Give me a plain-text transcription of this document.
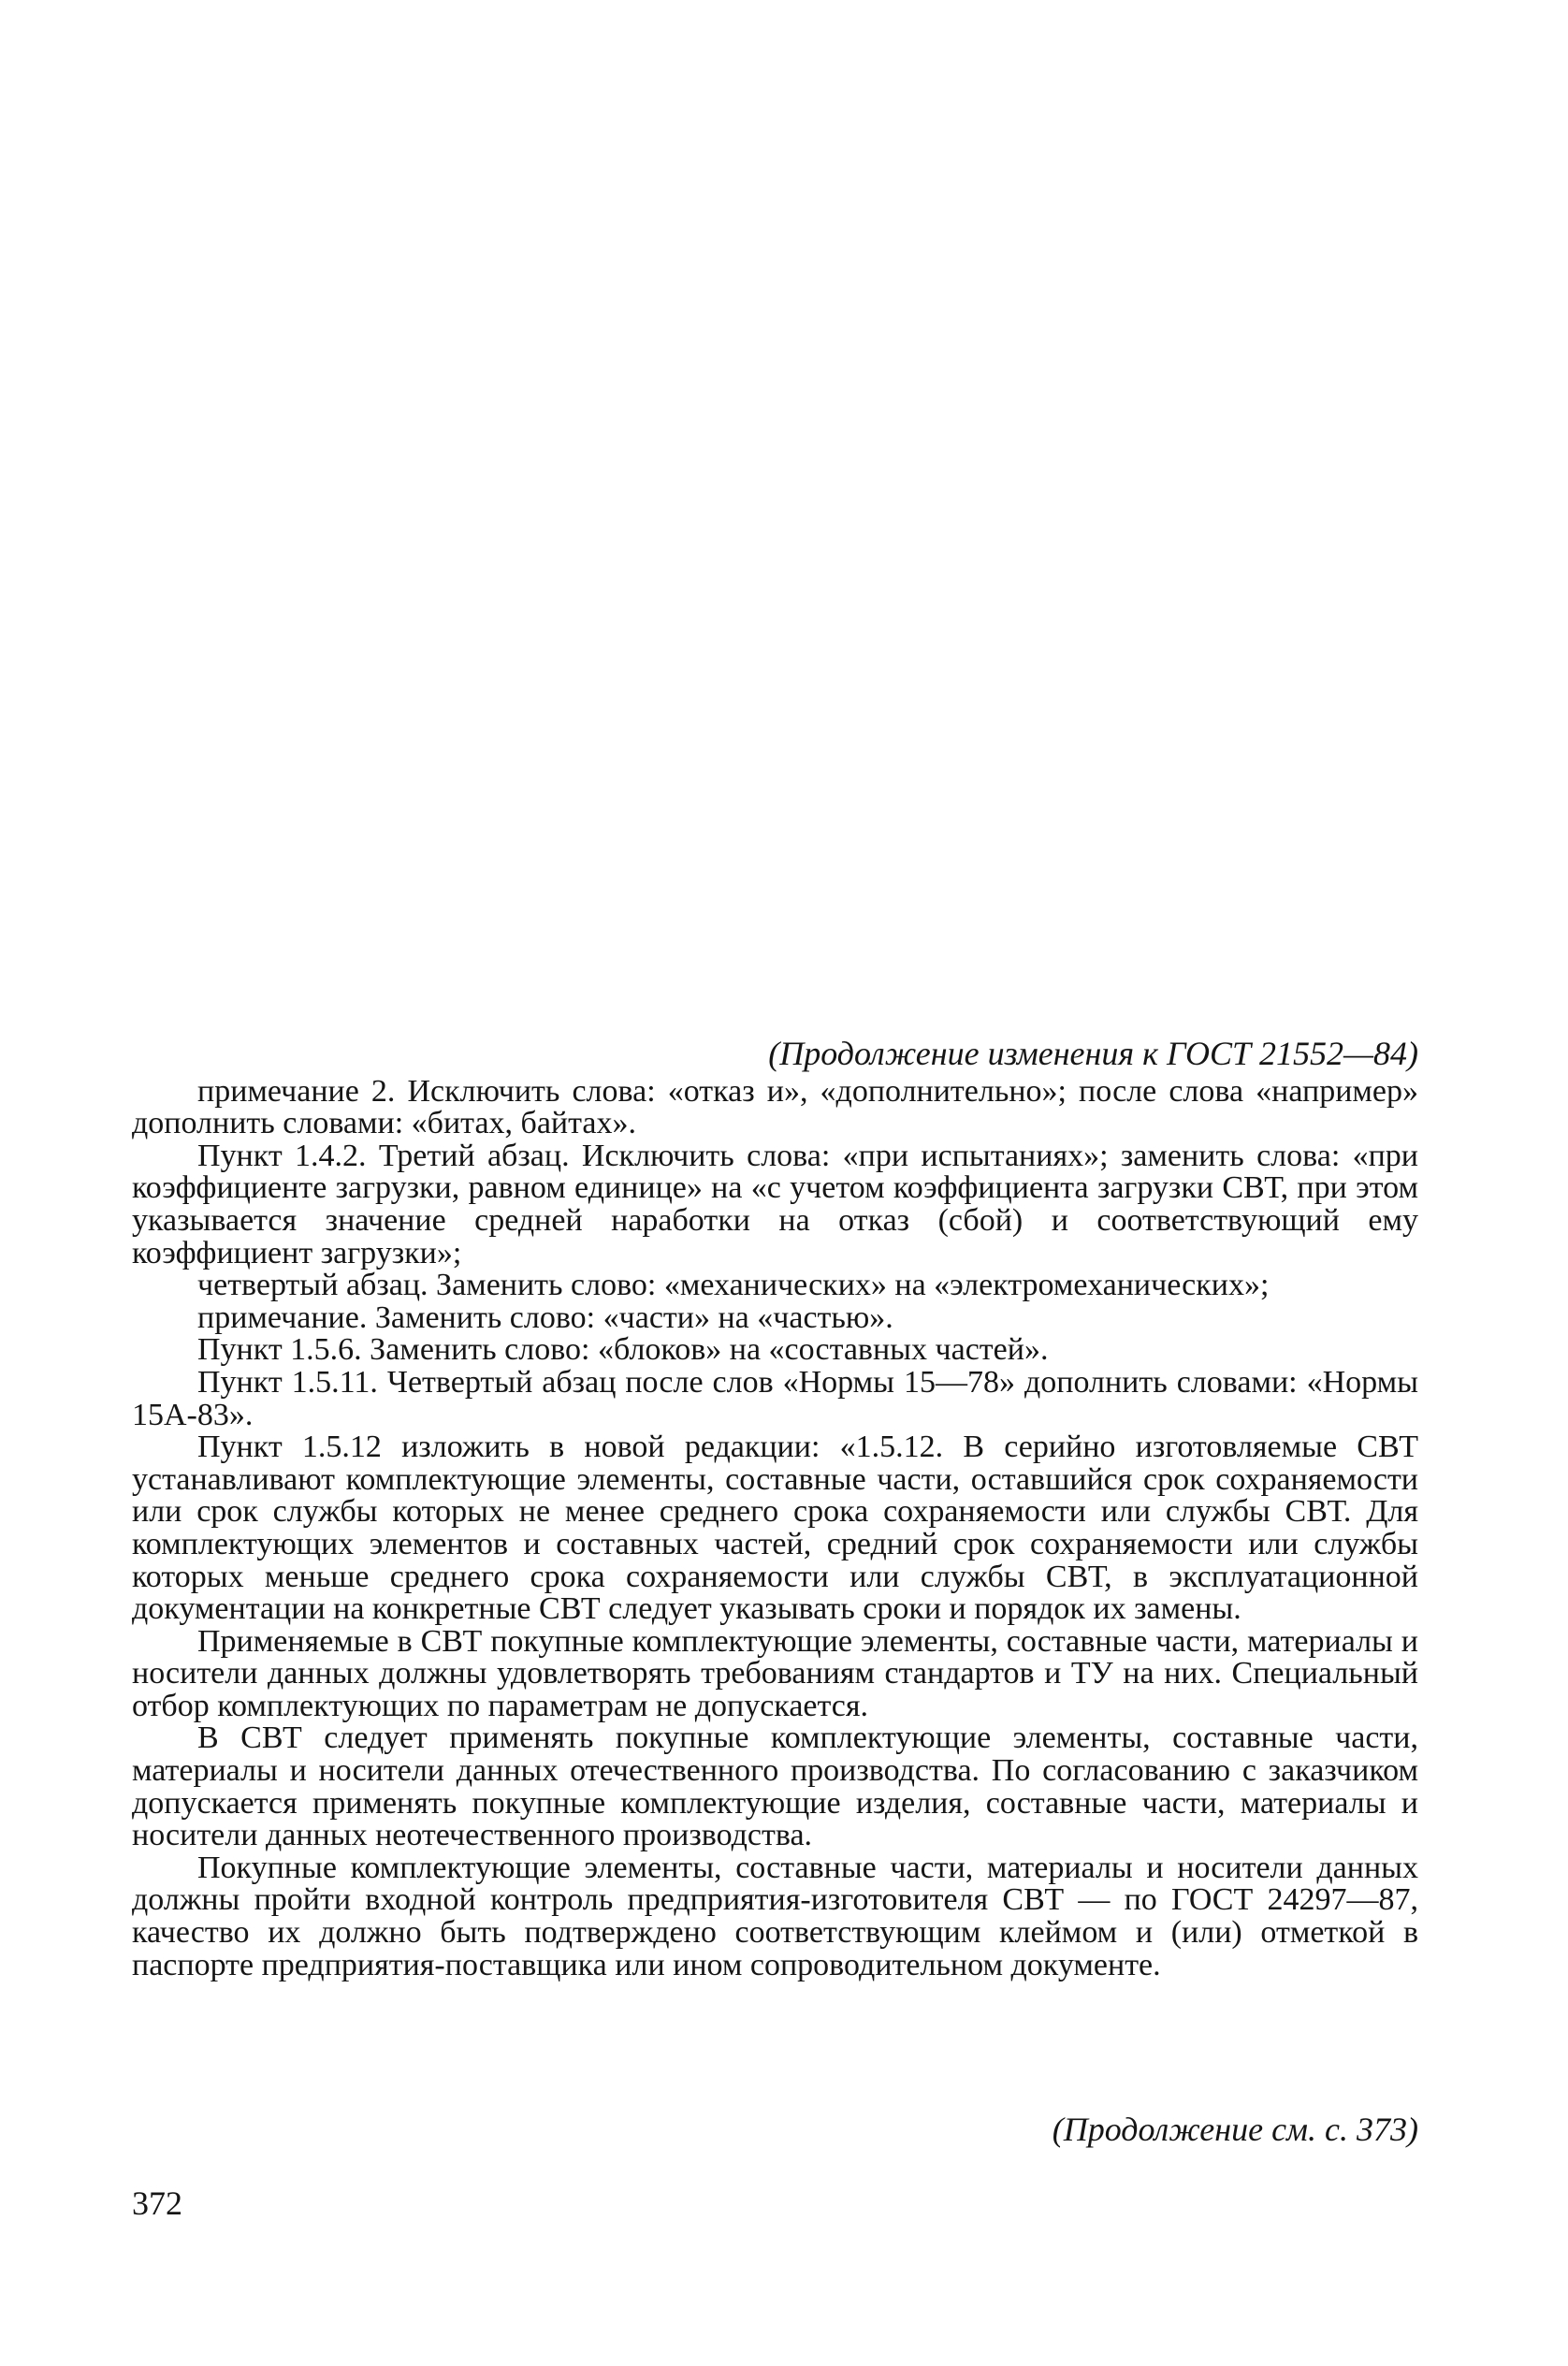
(Продолжение изменения к ГОСТ 21552—84)

примечание 2. Исключить слова: «отказ и», «дополнительно»; после слова «например» дополнить словами: «битах, байтах».

Пункт 1.4.2. Третий абзац. Исключить слова: «при испытаниях»; заменить слова: «при коэффициенте загрузки, равном единице» на «с учетом коэффициента загрузки СВТ, при этом указывается значение средней наработки на отказ (сбой) и соответствующий ему коэффициент загрузки»;

четвертый абзац. Заменить слово: «механических» на «электромеханических»;

примечание. Заменить слово: «части» на «частью».

Пункт 1.5.6. Заменить слово: «блоков» на «составных частей».

Пункт 1.5.11. Четвертый абзац после слов «Нормы 15—78» дополнить словами: «Нормы 15А-83».

Пункт 1.5.12 изложить в новой редакции: «1.5.12. В серийно изготовляемые СВТ устанавливают комплектующие элементы, составные части, оставшийся срок сохраняемости или срок службы которых не менее среднего срока сохраняемости или службы СВТ. Для комплектующих элементов и составных частей, средний срок сохраняемости или службы которых меньше среднего срока сохраняемости или службы СВТ, в эксплуатационной документации на конкретные СВТ следует указывать сроки и порядок их замены.

Применяемые в СВТ покупные комплектующие элементы, составные части, материалы и носители данных должны удовлетворять требованиям стандартов и ТУ на них. Специальный отбор комплектующих по параметрам не допускается.

В СВТ следует применять покупные комплектующие элементы, составные части, материалы и носители данных отечественного производства. По согласованию с заказчиком допускается применять покупные комплектующие изделия, составные части, материалы и носители данных неотечественного производства.

Покупные комплектующие элементы, составные части, материалы и носители данных должны пройти входной контроль предприятия-изготовителя СВТ — по ГОСТ 24297—87, качество их должно быть подтверждено соответствующим клеймом и (или) отметкой в паспорте предприятия-поставщика или ином сопроводительном документе.

(Продолжение см. с. 373)
372
